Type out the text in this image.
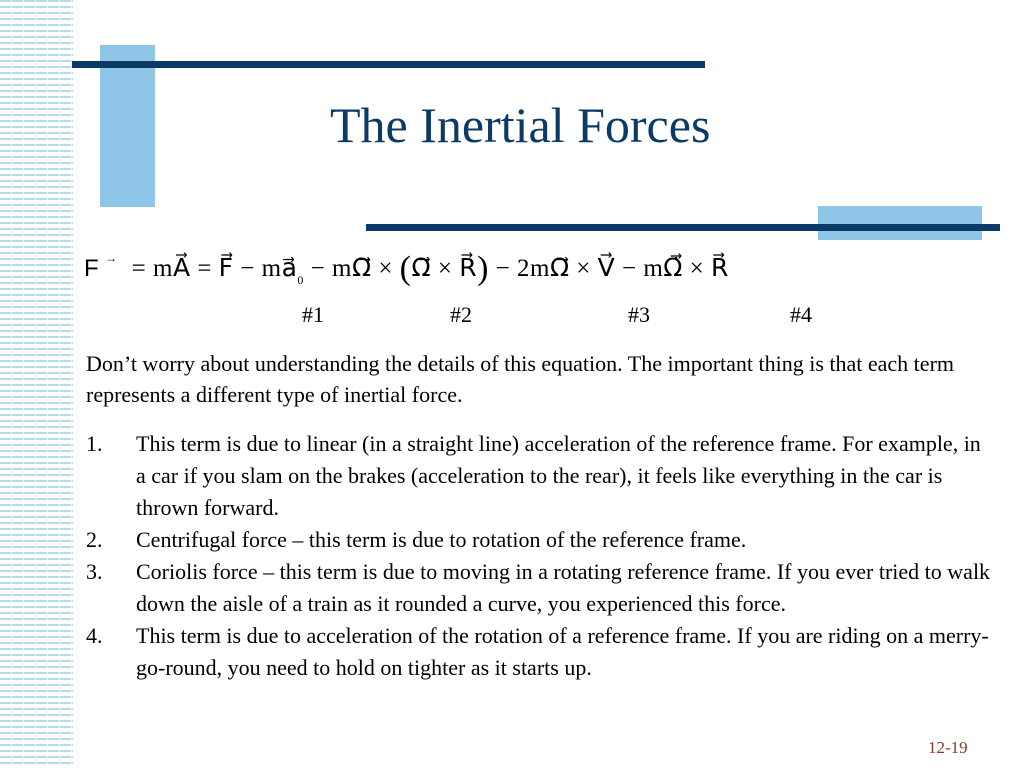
The Inertial Forces
F → = mA⃗ = F⃗ − $ma⃗_0$ − mΩ⃗ × (Ω⃗ × R⃗) − 2mΩ⃗ × V⃗ − mΩ̇⃗ × R⃗
#1	#2	#3	#4
Don’t worry about understanding the details of this equation. The important thing is that each term represents a different type of inertial force.
1. This term is due to linear (in a straight line) acceleration of the reference frame. For example, in a car if you slam on the brakes (acceleration to the rear), it feels like everything in the car is thrown forward.
2. Centrifugal force – this term is due to rotation of the reference frame.
3. Coriolis force – this term is due to moving in a rotating reference frame. If you ever tried to walk down the aisle of a train as it rounded a curve, you experienced this force.
4. This term is due to acceleration of the rotation of a reference frame. If you are riding on a merry-go-round, you need to hold on tighter as it starts up.
12-19
